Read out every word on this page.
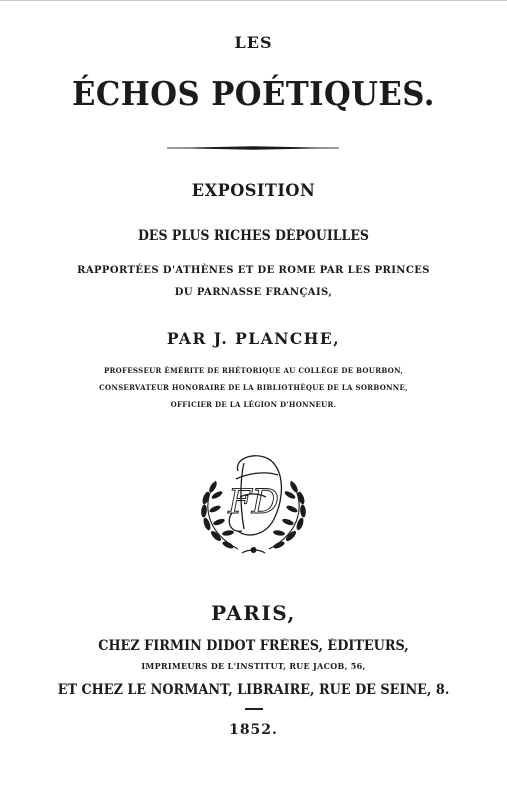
LES
ÉCHOS POÉTIQUES.
EXPOSITION
DES PLUS RICHES DÉPOUILLES
RAPPORTÉES D'ATHÈNES ET DE ROME PAR LES PRINCES
DU PARNASSE FRANÇAIS,
PAR J. PLANCHE,
PROFESSEUR ÉMÉRITE DE RHÉTORIQUE AU COLLÉGE DE BOURBON,
CONSERVATEUR HONORAIRE DE LA BIBLIOTHÈQUE DE LA SORBONNE,
OFFICIER DE LA LÉGION D'HONNEUR.
FD
PARIS,
CHEZ FIRMIN DIDOT FRÈRES, ÉDITEURS,
IMPRIMEURS DE L'INSTITUT, RUE JACOB, 56,
ET CHEZ LE NORMANT, LIBRAIRE, RUE DE SEINE, 8.
1852.
